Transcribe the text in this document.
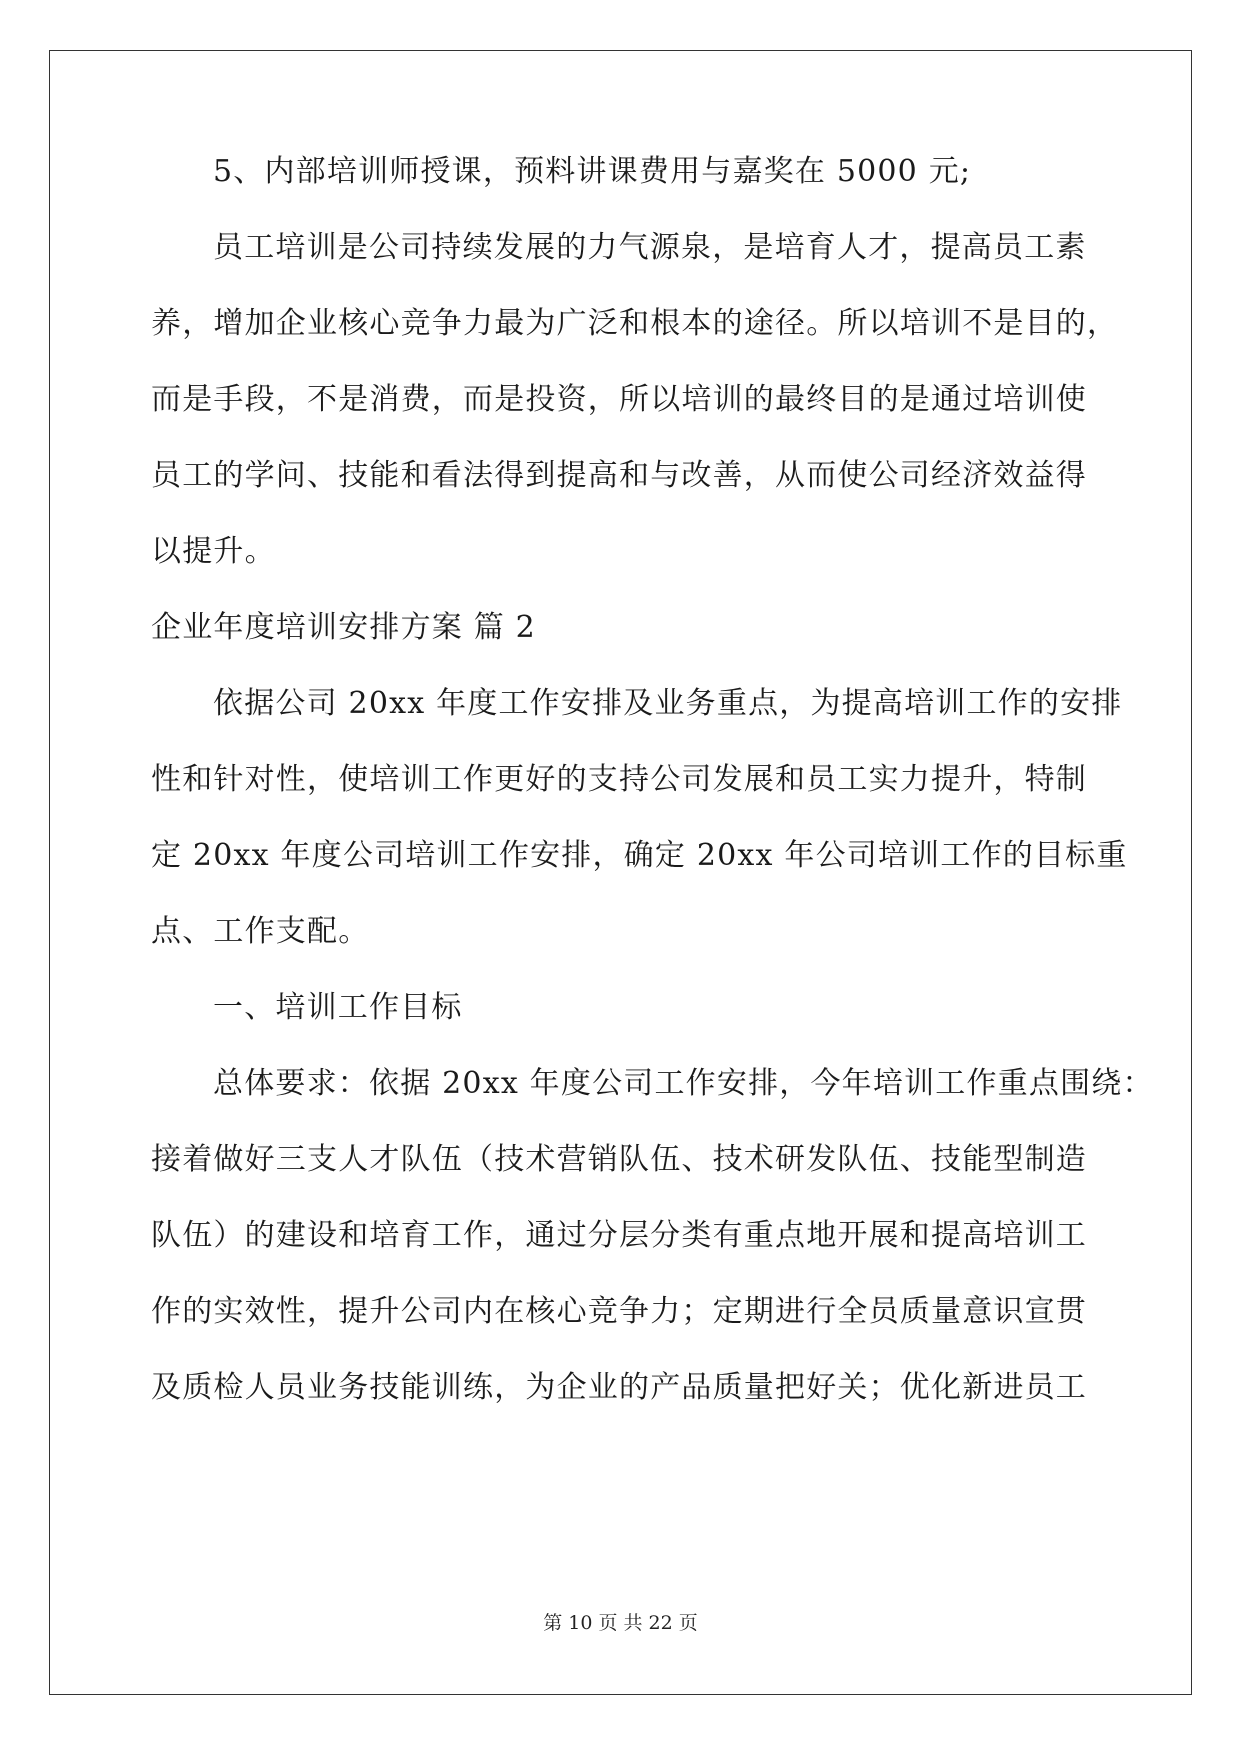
5、内部培训师授课，预料讲课费用与嘉奖在 5000 元;
员工培训是公司持续发展的力气源泉，是培育人才，提高员工素
养，增加企业核心竞争力最为广泛和根本的途径。所以培训不是目的，
而是手段，不是消费，而是投资，所以培训的最终目的是通过培训使
员工的学问、技能和看法得到提高和与改善，从而使公司经济效益得
以提升。
企业年度培训安排方案 篇 2
依据公司 20xx 年度工作安排及业务重点，为提高培训工作的安排
性和针对性，使培训工作更好的支持公司发展和员工实力提升，特制
定 20xx 年度公司培训工作安排，确定 20xx 年公司培训工作的目标重
点、工作支配。
一、培训工作目标
总体要求：依据 20xx 年度公司工作安排，今年培训工作重点围绕：
接着做好三支人才队伍（技术营销队伍、技术研发队伍、技能型制造
队伍）的建设和培育工作，通过分层分类有重点地开展和提高培训工
作的实效性，提升公司内在核心竞争力；定期进行全员质量意识宣贯
及质检人员业务技能训练，为企业的产品质量把好关；优化新进员工
第 10 页 共 22 页
